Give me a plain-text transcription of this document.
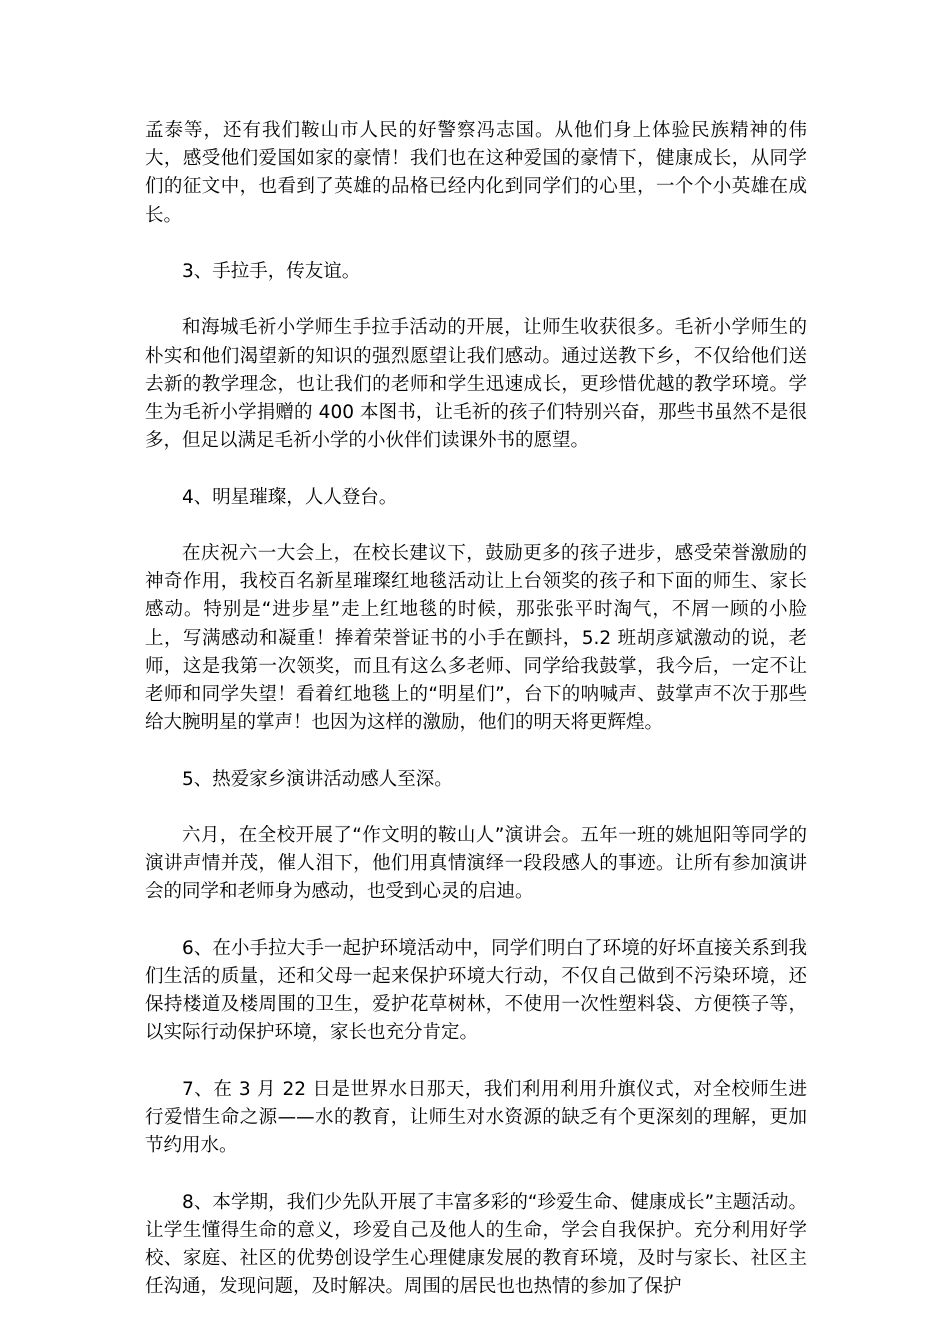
孟泰等，还有我们鞍山市人民的好警察冯志国。从他们身上体验民族精神的伟大，感受他们爱国如家的豪情！我们也在这种爱国的豪情下，健康成长，从同学们的征文中，也看到了英雄的品格已经内化到同学们的心里，一个个小英雄在成长。

3、手拉手，传友谊。

和海城毛祈小学师生手拉手活动的开展，让师生收获很多。毛祈小学师生的朴实和他们渴望新的知识的强烈愿望让我们感动。通过送教下乡，不仅给他们送去新的教学理念，也让我们的老师和学生迅速成长，更珍惜优越的教学环境。学生为毛祈小学捐赠的 400 本图书，让毛祈的孩子们特别兴奋，那些书虽然不是很多，但足以满足毛祈小学的小伙伴们读课外书的愿望。

4、明星璀璨，人人登台。

在庆祝六一大会上，在校长建议下，鼓励更多的孩子进步，感受荣誉激励的神奇作用，我校百名新星璀璨红地毯活动让上台领奖的孩子和下面的师生、家长感动。特别是“进步星”走上红地毯的时候，那张张平时淘气，不屑一顾的小脸上，写满感动和凝重！捧着荣誉证书的小手在颤抖，5.2 班胡彦斌激动的说，老师，这是我第一次领奖，而且有这么多老师、同学给我鼓掌，我今后，一定不让老师和同学失望！看着红地毯上的“明星们”，台下的呐喊声、鼓掌声不次于那些给大腕明星的掌声！也因为这样的激励，他们的明天将更辉煌。

5、热爱家乡演讲活动感人至深。

六月，在全校开展了“作文明的鞍山人”演讲会。五年一班的姚旭阳等同学的演讲声情并茂，催人泪下，他们用真情演绎一段段感人的事迹。让所有参加演讲会的同学和老师身为感动，也受到心灵的启迪。

6、在小手拉大手一起护环境活动中，同学们明白了环境的好坏直接关系到我们生活的质量，还和父母一起来保护环境大行动，不仅自己做到不污染环境，还保持楼道及楼周围的卫生，爱护花草树林，不使用一次性塑料袋、方便筷子等，以实际行动保护环境，家长也充分肯定。

7、在 3 月 22 日是世界水日那天，我们利用利用升旗仪式，对全校师生进行爱惜生命之源——水的教育，让师生对水资源的缺乏有个更深刻的理解，更加节约用水。

8、本学期，我们少先队开展了丰富多彩的“珍爱生命、健康成长”主题活动。让学生懂得生命的意义，珍爱自己及他人的生命，学会自我保护。充分利用好学校、家庭、社区的优势创设学生心理健康发展的教育环境，及时与家长、社区主任沟通，发现问题，及时解决。周围的居民也也热情的参加了保护
